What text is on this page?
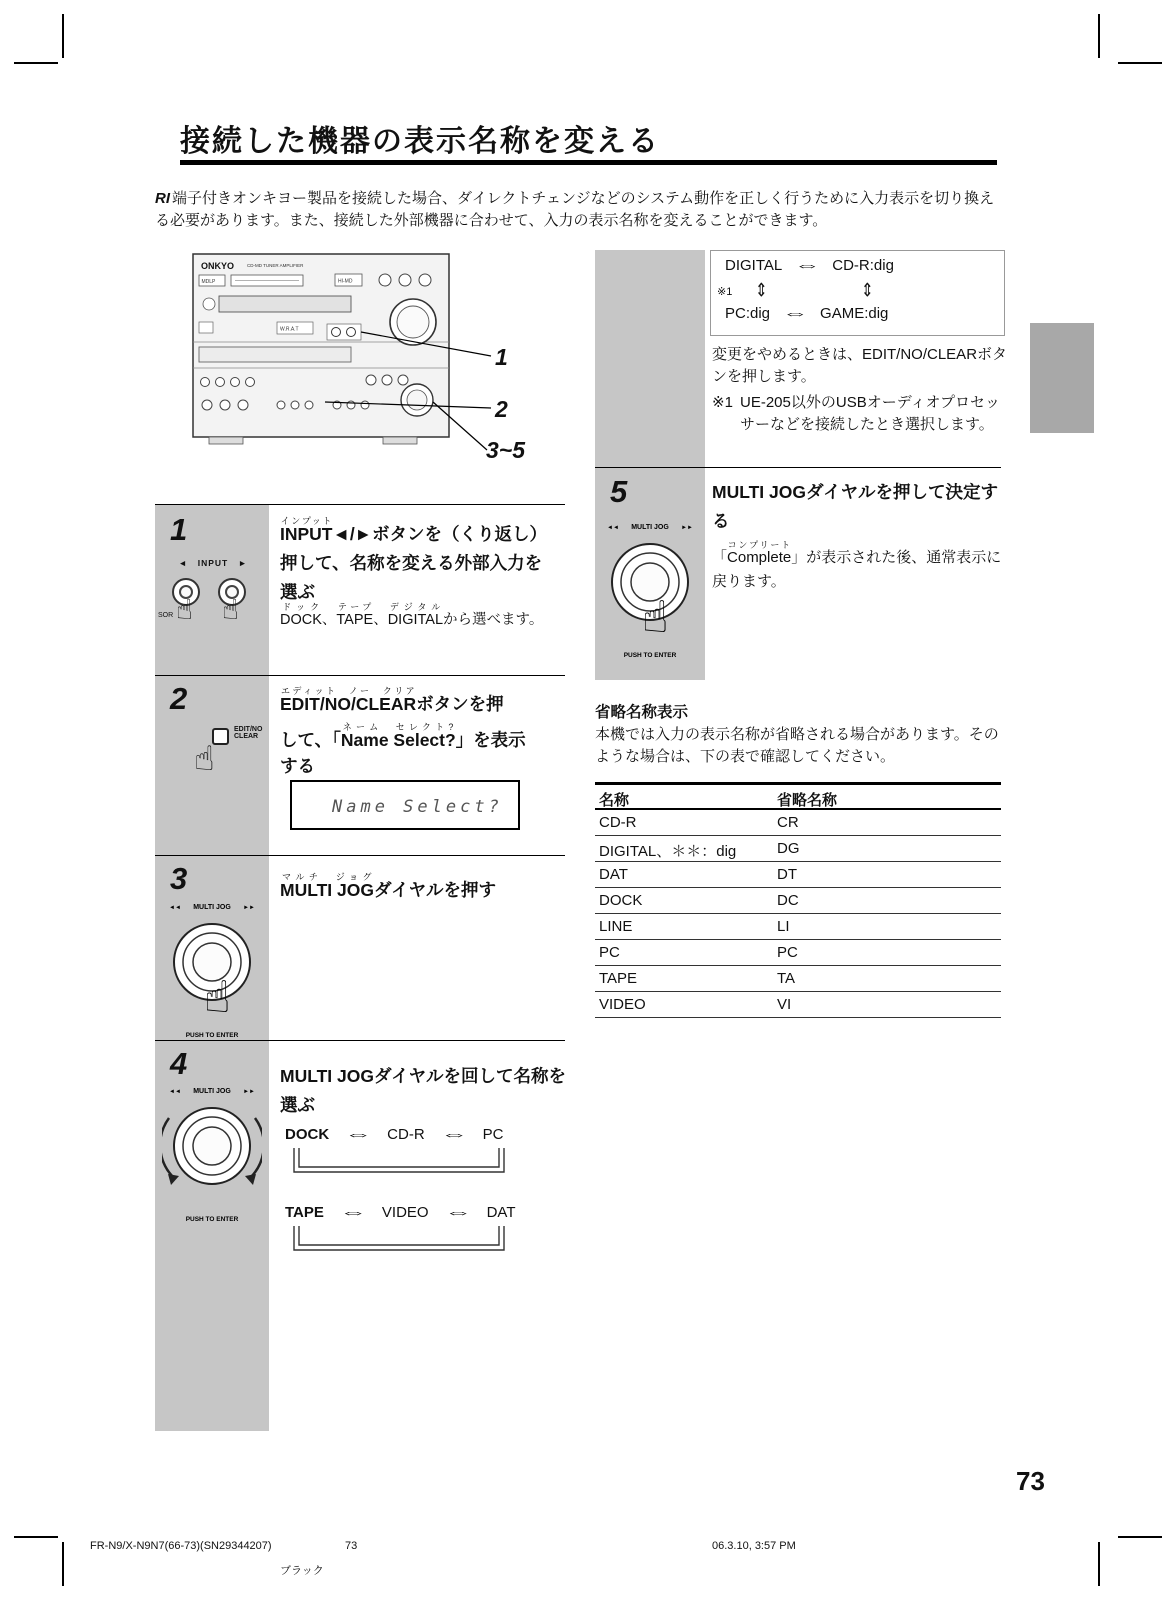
接続した機器の表示名称を変える
RI 端子付きオンキヨー製品を接続した場合、ダイレクトチェンジなどのシステム動作を正しく行うために入力表示を切り換える必要があります。また、接続した外部機器に合わせて、入力の表示名称を変えることができます。
ONKYO	CD-MD TUNER AMPLIFIER
MDLP	HI-MD
W.R.A.T
1
2
3~5
1
◄ INPUT ►
☝ ☝
SOR
INPUTインプット◄/►ボタンを（くり返し）押して、名称を変える外部入力を選ぶ
DOCKドック、TAPEテープ、DIGITALデジタルから選べます。
2
EDIT/NO
CLEAR
☝
EDIT/NO/CLEARエディット　ノー　クリアボタンを押
して、「Name Select?ネーム　セレクト?」を表示
する
Name Select?
3
◄◄ MULTI JOG ►►
☝
PUSH TO ENTER
MULTI JOGマルチ　ジョグダイヤルを押す
4
◄◄ MULTI JOG ►►
PUSH TO ENTER
MULTI JOGダイヤルを回して名称を選ぶ
DOCK ⇔ CD-R ⇔ PC
TAPE ⇔ VIDEO ⇔ DAT
DIGITAL ⇔ CD-R:dig
※1 ⇕	⇕
PC:dig ⇔ GAME:dig
変更をやめるときは、EDIT/NO/CLEARボタンを押します。
※1 UE-205以外のUSBオーディオプロセッサーなどを接続したとき選択します。
5
◄◄ MULTI JOG ►►
☝
PUSH TO ENTER
MULTI JOGダイヤルを押して決定する
「Completeコンプリート」が表示された後、通常表示に戻ります。
省略名称表示
本機では入力の表示名称が省略される場合があります。そのような場合は、下の表で確認してください。
名称	省略名称
CD-R	CR
DIGITAL、＊＊：dig	DG
DAT	DT
DOCK	DC
LINE	LI
PC	PC
TAPE	TA
VIDEO	VI
73
FR-N9/X-N9N7(66-73)(SN29344207)	73	06.3.10, 3:57 PM
ブラック
